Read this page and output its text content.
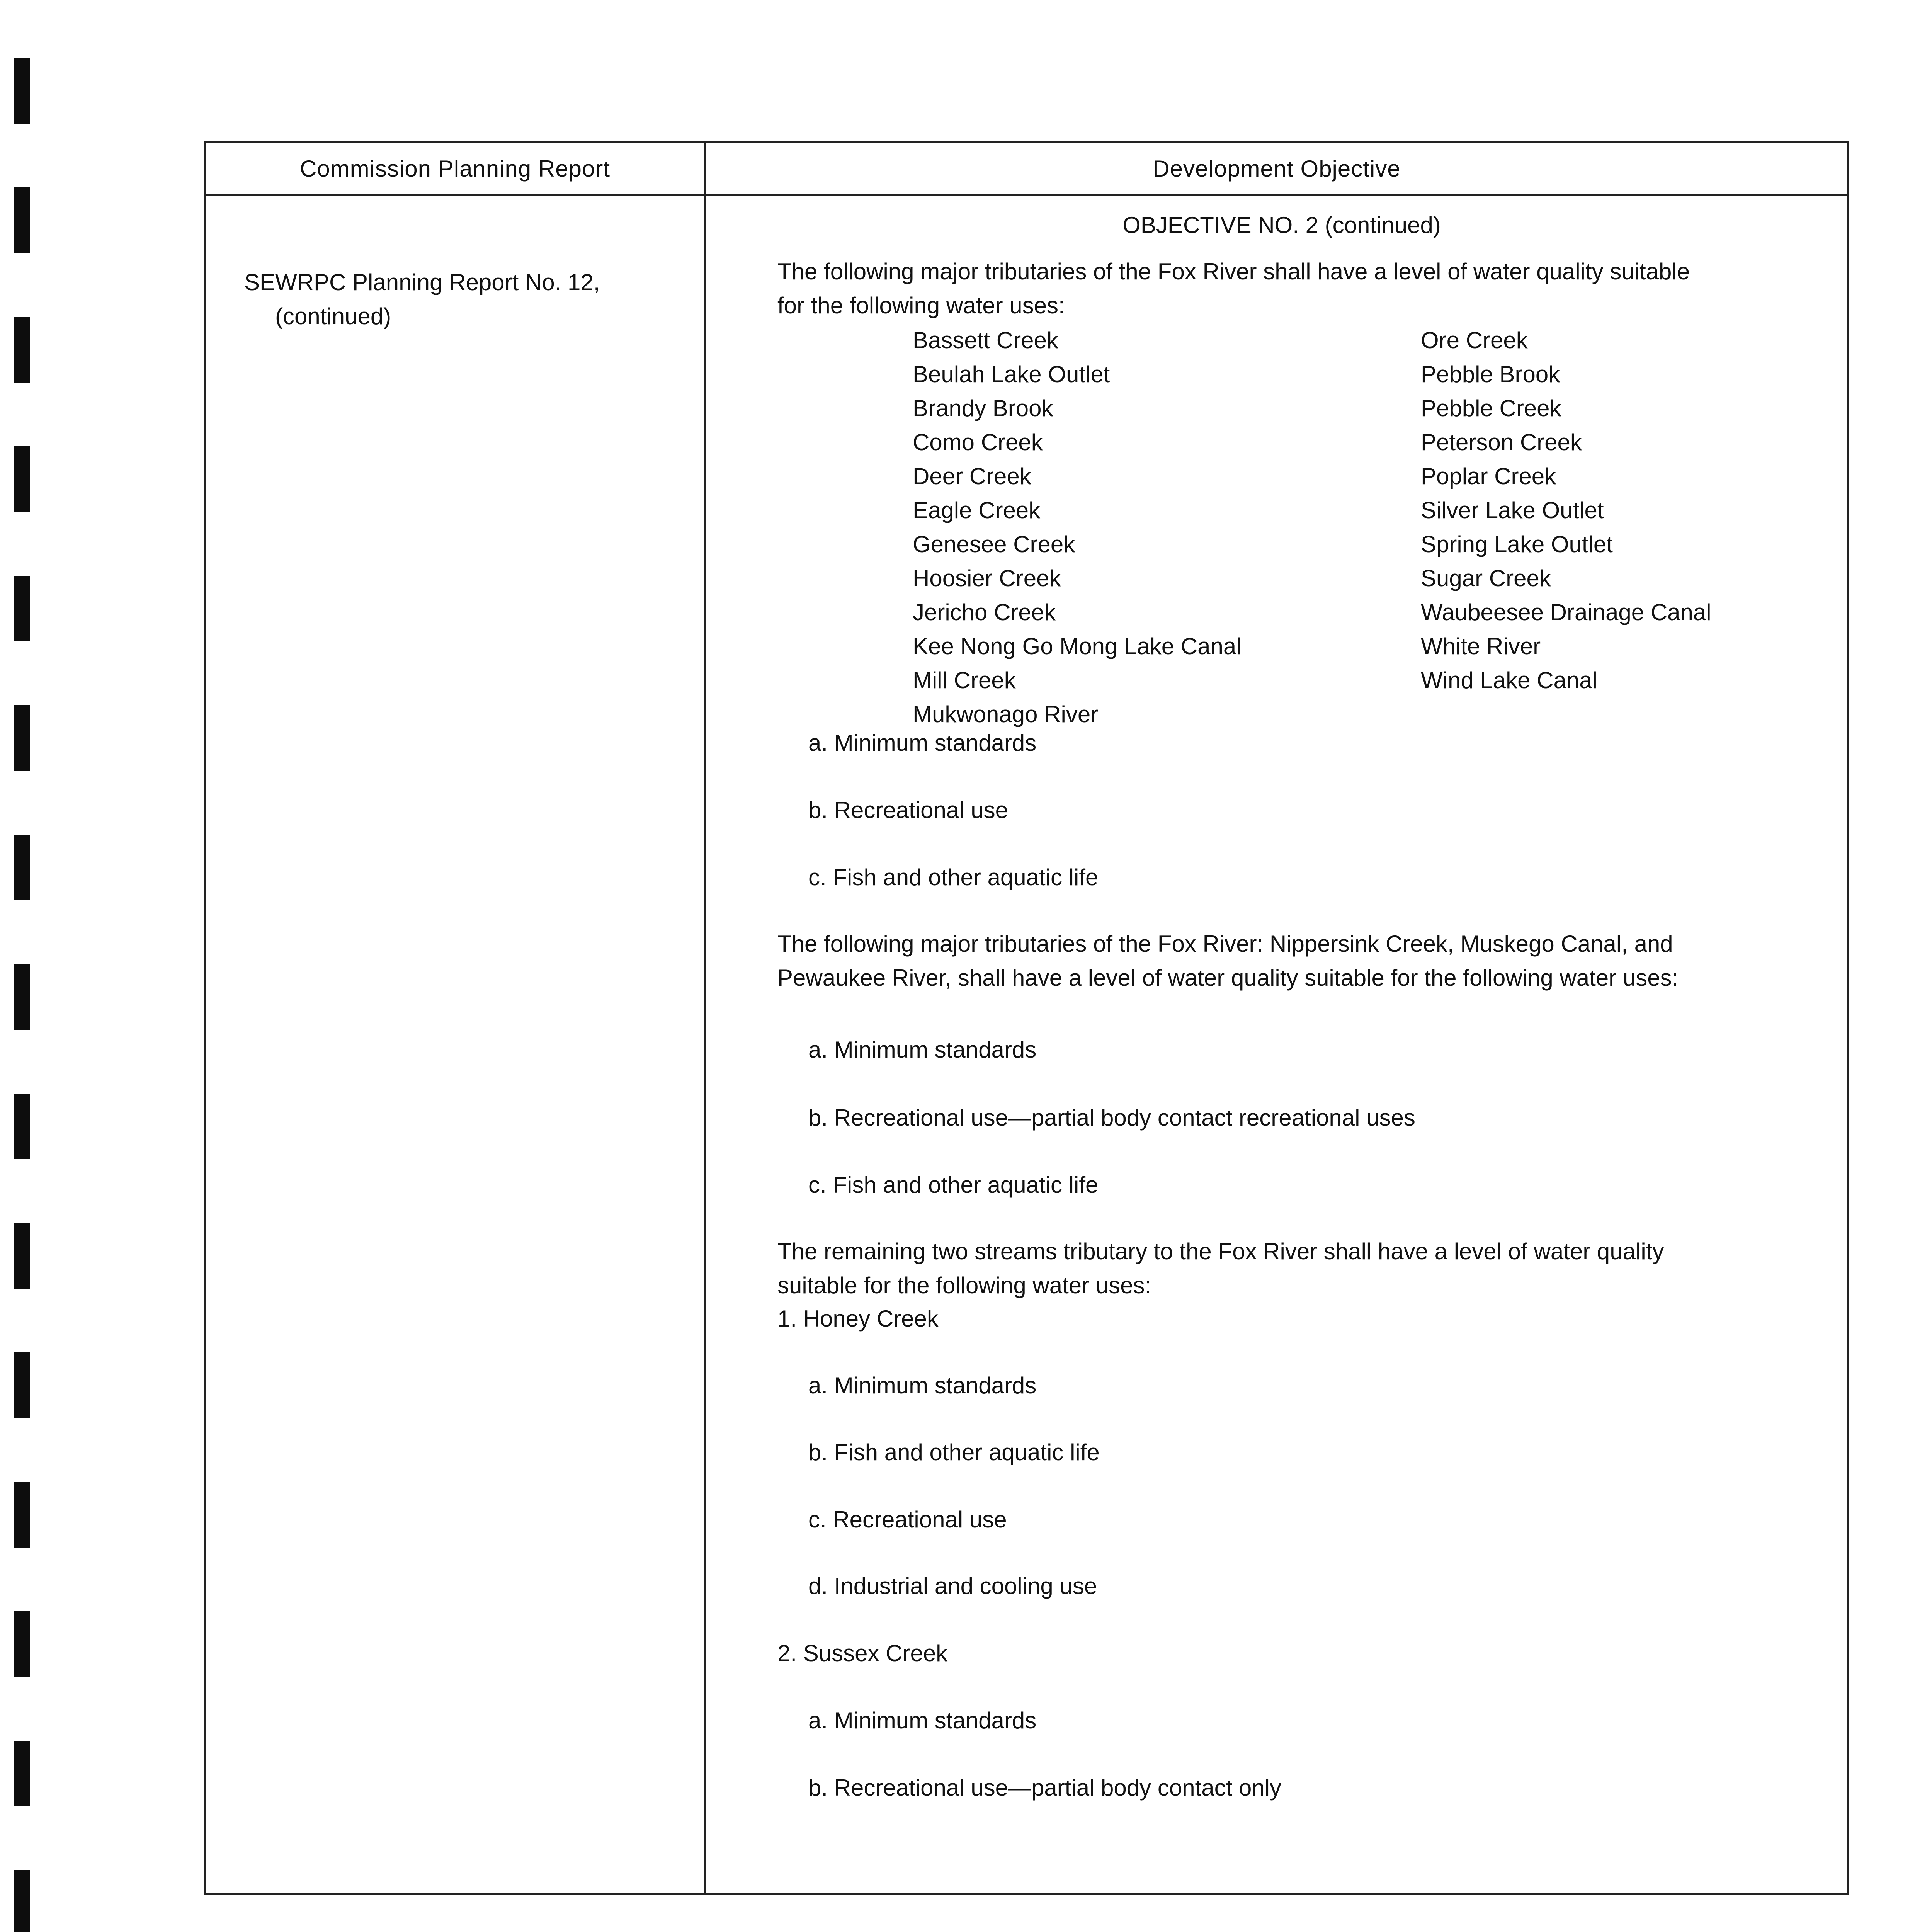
Commission Planning Report	Development Objective
SEWRPC Planning Report No. 12,
(continued)
OBJECTIVE NO. 2 (continued)
The following major tributaries of the Fox River shall have a level of water quality suitable
for the following water uses:
Bassett Creek
Beulah Lake Outlet
Brandy Brook
Como Creek
Deer Creek
Eagle Creek
Genesee Creek
Hoosier Creek
Jericho Creek
Kee Nong Go Mong Lake Canal
Mill Creek
Mukwonago River
Ore Creek
Pebble Brook
Pebble Creek
Peterson Creek
Poplar Creek
Silver Lake Outlet
Spring Lake Outlet
Sugar Creek
Waubeesee Drainage Canal
White River
Wind Lake Canal
a. Minimum standards
b. Recreational use
c. Fish and other aquatic life
The following major tributaries of the Fox River: Nippersink Creek, Muskego Canal, and
Pewaukee River, shall have a level of water quality suitable for the following water uses:
a. Minimum standards
b. Recreational use—partial body contact recreational uses
c. Fish and other aquatic life
The remaining two streams tributary to the Fox River shall have a level of water quality
suitable for the following water uses:
1. Honey Creek
a. Minimum standards
b. Fish and other aquatic life
c. Recreational use
d. Industrial and cooling use
2. Sussex Creek
a. Minimum standards
b. Recreational use—partial body contact only
